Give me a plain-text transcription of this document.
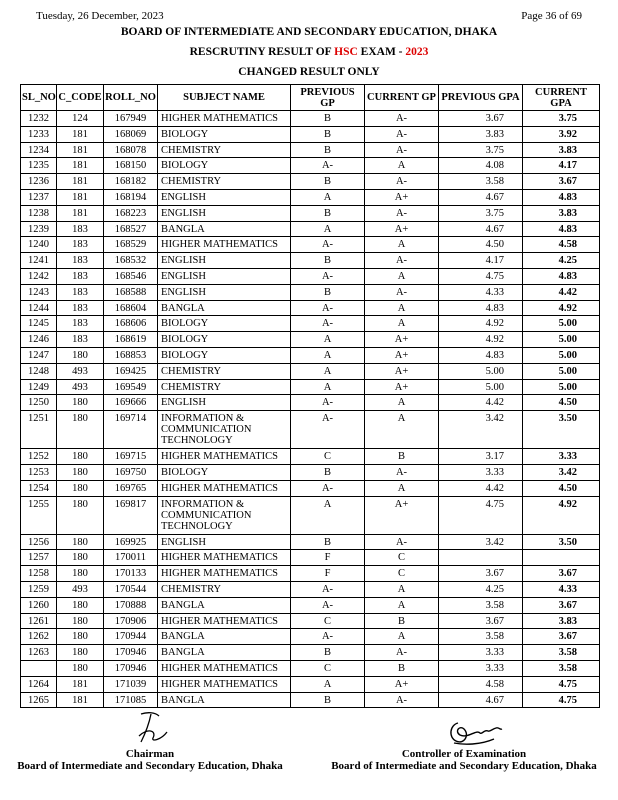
Tuesday, 26 December, 2023	Page 36 of 69
BOARD OF INTERMEDIATE AND SECONDARY EDUCATION, DHAKA
RESCRUTINY RESULT OF HSC EXAM - 2023
CHANGED RESULT ONLY
SL_NO	C_CODE	ROLL_NO	SUBJECT NAME	PREVIOUS GP	CURRENT GP	PREVIOUS GPA	CURRENT GPA
1232	124	167949	HIGHER MATHEMATICS	B	A-	3.67	3.75
1233	181	168069	BIOLOGY	B	A-	3.83	3.92
1234	181	168078	CHEMISTRY	B	A-	3.75	3.83
1235	181	168150	BIOLOGY	A-	A	4.08	4.17
1236	181	168182	CHEMISTRY	B	A-	3.58	3.67
1237	181	168194	ENGLISH	A	A+	4.67	4.83
1238	181	168223	ENGLISH	B	A-	3.75	3.83
1239	183	168527	BANGLA	A	A+	4.67	4.83
1240	183	168529	HIGHER MATHEMATICS	A-	A	4.50	4.58
1241	183	168532	ENGLISH	B	A-	4.17	4.25
1242	183	168546	ENGLISH	A-	A	4.75	4.83
1243	183	168588	ENGLISH	B	A-	4.33	4.42
1244	183	168604	BANGLA	A-	A	4.83	4.92
1245	183	168606	BIOLOGY	A-	A	4.92	5.00
1246	183	168619	BIOLOGY	A	A+	4.92	5.00
1247	180	168853	BIOLOGY	A	A+	4.83	5.00
1248	493	169425	CHEMISTRY	A	A+	5.00	5.00
1249	493	169549	CHEMISTRY	A	A+	5.00	5.00
1250	180	169666	ENGLISH	A-	A	4.42	4.50
1251	180	169714	INFORMATION & COMMUNICATION TECHNOLOGY	A-	A	3.42	3.50
1252	180	169715	HIGHER MATHEMATICS	C	B	3.17	3.33
1253	180	169750	BIOLOGY	B	A-	3.33	3.42
1254	180	169765	HIGHER MATHEMATICS	A-	A	4.42	4.50
1255	180	169817	INFORMATION & COMMUNICATION TECHNOLOGY	A	A+	4.75	4.92
1256	180	169925	ENGLISH	B	A-	3.42	3.50
1257	180	170011	HIGHER MATHEMATICS	F	C		
1258	180	170133	HIGHER MATHEMATICS	F	C	3.67	3.67
1259	493	170544	CHEMISTRY	A-	A	4.25	4.33
1260	180	170888	BANGLA	A-	A	3.58	3.67
1261	180	170906	HIGHER MATHEMATICS	C	B	3.67	3.83
1262	180	170944	BANGLA	A-	A	3.58	3.67
1263	180	170946	BANGLA	B	A-	3.33	3.58
	180	170946	HIGHER MATHEMATICS	C	B	3.33	3.58
1264	181	171039	HIGHER MATHEMATICS	A	A+	4.58	4.75
1265	181	171085	BANGLA	B	A-	4.67	4.75
Chairman
Board of Intermediate and Secondary Education, Dhaka
Controller of Examination
Board of Intermediate and Secondary Education, Dhaka
